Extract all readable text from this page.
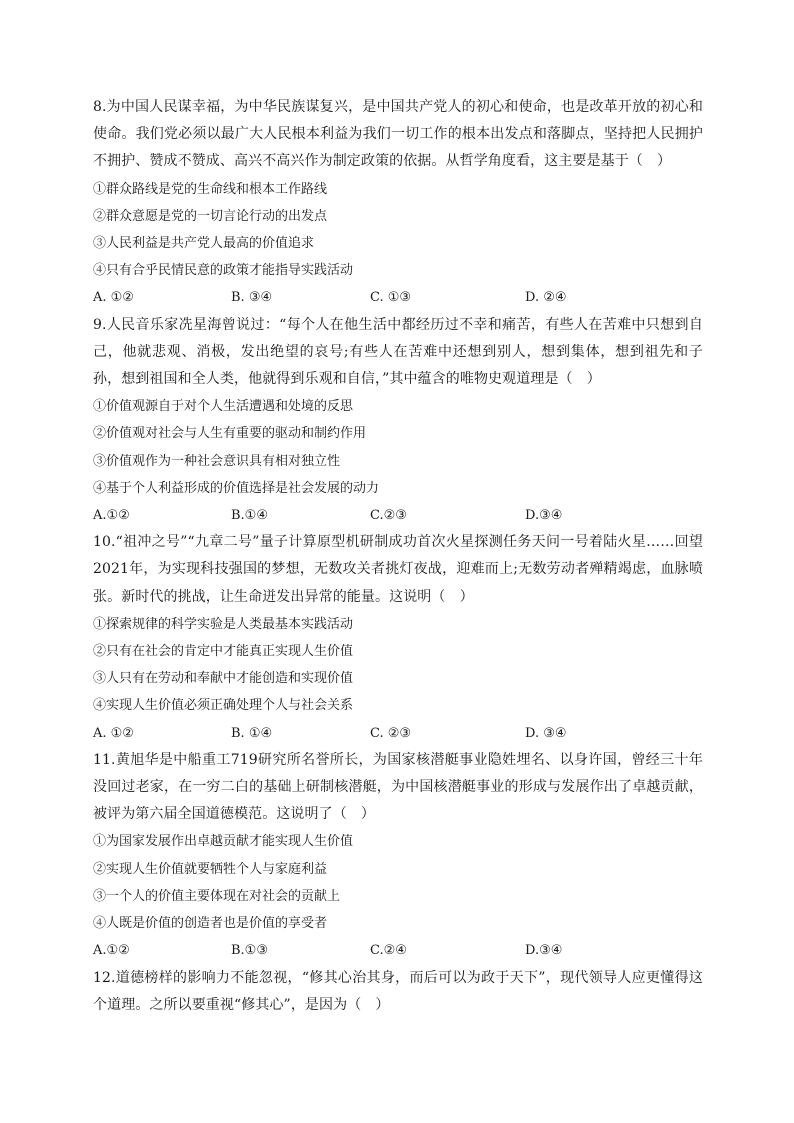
8.为中国人民谋幸福，为中华民族谋复兴，是中国共产党人的初心和使命，也是改革开放的初心和使命。我们党必须以最广大人民根本利益为我们一切工作的根本出发点和落脚点，坚持把人民拥护不拥护、赞成不赞成、高兴不高兴作为制定政策的依据。从哲学角度看，这主要是基于（　）

①群众路线是党的生命线和根本工作路线

②群众意愿是党的一切言论行动的出发点

③人民利益是共产党人最高的价值追求

④只有合乎民情民意的政策才能指导实践活动

A. ①②	B. ③④	C. ①③	D. ②④

9.人民音乐家冼星海曾说过：“每个人在他生活中都经历过不幸和痛苦，有些人在苦难中只想到自己，他就悲观、消极，发出绝望的哀号;有些人在苦难中还想到别人，想到集体，想到祖先和子孙，想到祖国和全人类，他就得到乐观和自信，”其中蕴含的唯物史观道理是（　）

①价值观源自于对个人生活遭遇和处境的反思

②价值观对社会与人生有重要的驱动和制约作用

③价值观作为一种社会意识具有相对独立性

④基于个人利益形成的价值选择是社会发展的动力

A.①②	B.①④	C.②③	D.③④

10.“祖冲之号”“九章二号”量子计算原型机研制成功首次火星探测任务天问一号着陆火星……回望2021年，为实现科技强国的梦想，无数攻关者挑灯夜战，迎难而上;无数劳动者殚精竭虑，血脉喷张。新时代的挑战，让生命迸发出异常的能量。这说明（　）

①探索规律的科学实验是人类最基本实践活动

②只有在社会的肯定中才能真正实现人生价值

③人只有在劳动和奉献中才能创造和实现价值

④实现人生价值必须正确处理个人与社会关系

A. ①②	B. ①④	C. ②③	D. ③④

11.黄旭华是中船重工719研究所名誉所长，为国家核潜艇事业隐姓埋名、以身许国，曾经三十年没回过老家，在一穷二白的基础上研制核潜艇，为中国核潜艇事业的形成与发展作出了卓越贡献，被评为第六届全国道德模范。这说明了（　）

①为国家发展作出卓越贡献才能实现人生价值

②实现人生价值就要牺牲个人与家庭利益

③一个人的价值主要体现在对社会的贡献上

④人既是价值的创造者也是价值的享受者

A.①②	B.①③	C.②④	D.③④

12.道德榜样的影响力不能忽视，“修其心治其身，而后可以为政于天下”，现代领导人应更懂得这个道理。之所以要重视“修其心”，是因为（　）
